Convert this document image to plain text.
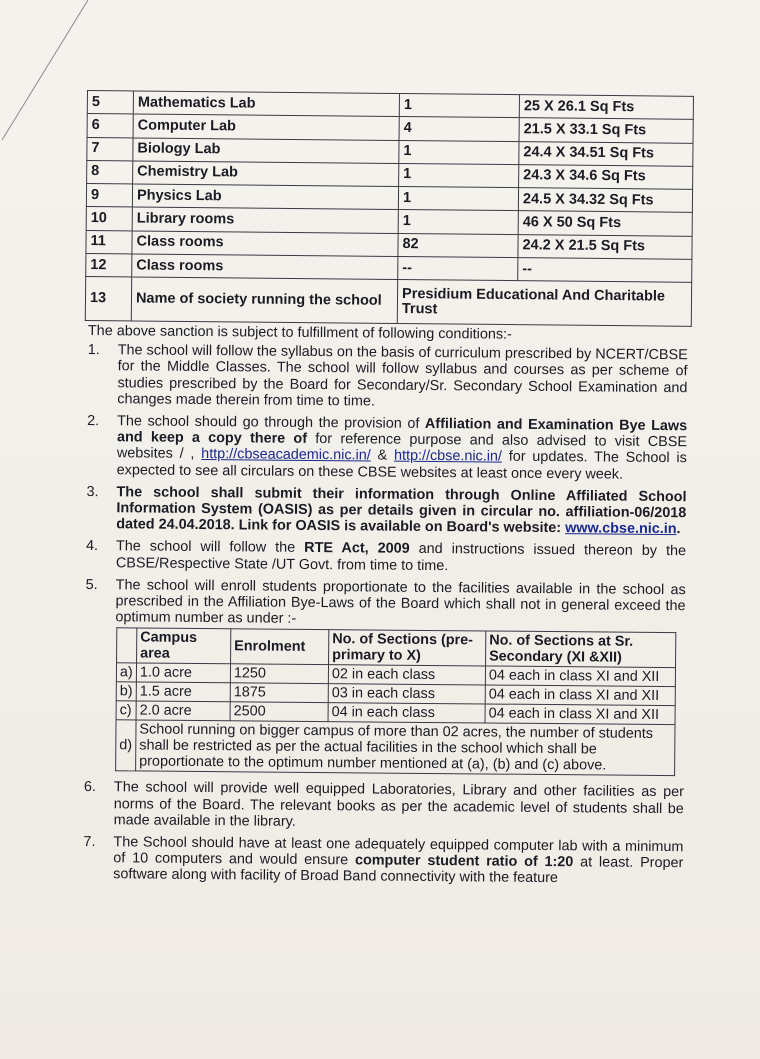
5	Mathematics Lab	1	25 X 26.1 Sq Fts
6	Computer Lab	4	21.5 X 33.1 Sq Fts
7	Biology Lab	1	24.4 X 34.51 Sq Fts
8	Chemistry Lab	1	24.3 X 34.6 Sq Fts
9	Physics Lab	1	24.5 X 34.32 Sq Fts
10	Library rooms	1	46 X 50 Sq Fts
11	Class rooms	82	24.2 X 21.5 Sq Fts
12	Class rooms	--	--
13	Name of society running the school	Presidium Educational And Charitable Trust	
The above sanction is subject to fulfillment of following conditions:-
1.	The school will follow the syllabus on the basis of curriculum prescribed by NCERT/CBSE for the Middle Classes. The school will follow syllabus and courses as per scheme of studies prescribed by the Board for Secondary/Sr. Secondary School Examination and changes made therein from time to time.
2.	The school should go through the provision of Affiliation and Examination Bye Laws and keep a copy there of for reference purpose and also advised to visit CBSE websites / , http://cbseacademic.nic.in/ & http://cbse.nic.in/ for updates. The School is expected to see all circulars on these CBSE websites at least once every week.
3.	The school shall submit their information through Online Affiliated School Information System (OASIS) as per details given in circular no. affiliation-06/2018 dated 24.04.2018. Link for OASIS is available on Board's website: www.cbse.nic.in.
4.	The school will follow the RTE Act, 2009 and instructions issued thereon by the CBSE/Respective State /UT Govt. from time to time.
5.	The school will enroll students proportionate to the facilities available in the school as prescribed in the Affiliation Bye-Laws of the Board which shall not in general exceed the optimum number as under :-
	Campus area	Enrolment	No. of Sections (pre-primary to X)	No. of Sections at Sr. Secondary (XI &XII)
a)	1.0 acre	1250	02 in each class	04 each in class XI and XII
b)	1.5 acre	1875	03 in each class	04 each in class XI and XII
c)	2.0 acre	2500	04 in each class	04 each in class XI and XII
d)	School running on bigger campus of more than 02 acres, the number of students shall be restricted as per the actual facilities in the school which shall be proportionate to the optimum number mentioned at (a), (b) and (c) above.			
6.	The school will provide well equipped Laboratories, Library and other facilities as per norms of the Board. The relevant books as per the academic level of students shall be made available in the library.
7.	The School should have at least one adequately equipped computer lab with a minimum of 10 computers and would ensure computer student ratio of 1:20 at least. Proper software along with facility of Broad Band connectivity with the feature
